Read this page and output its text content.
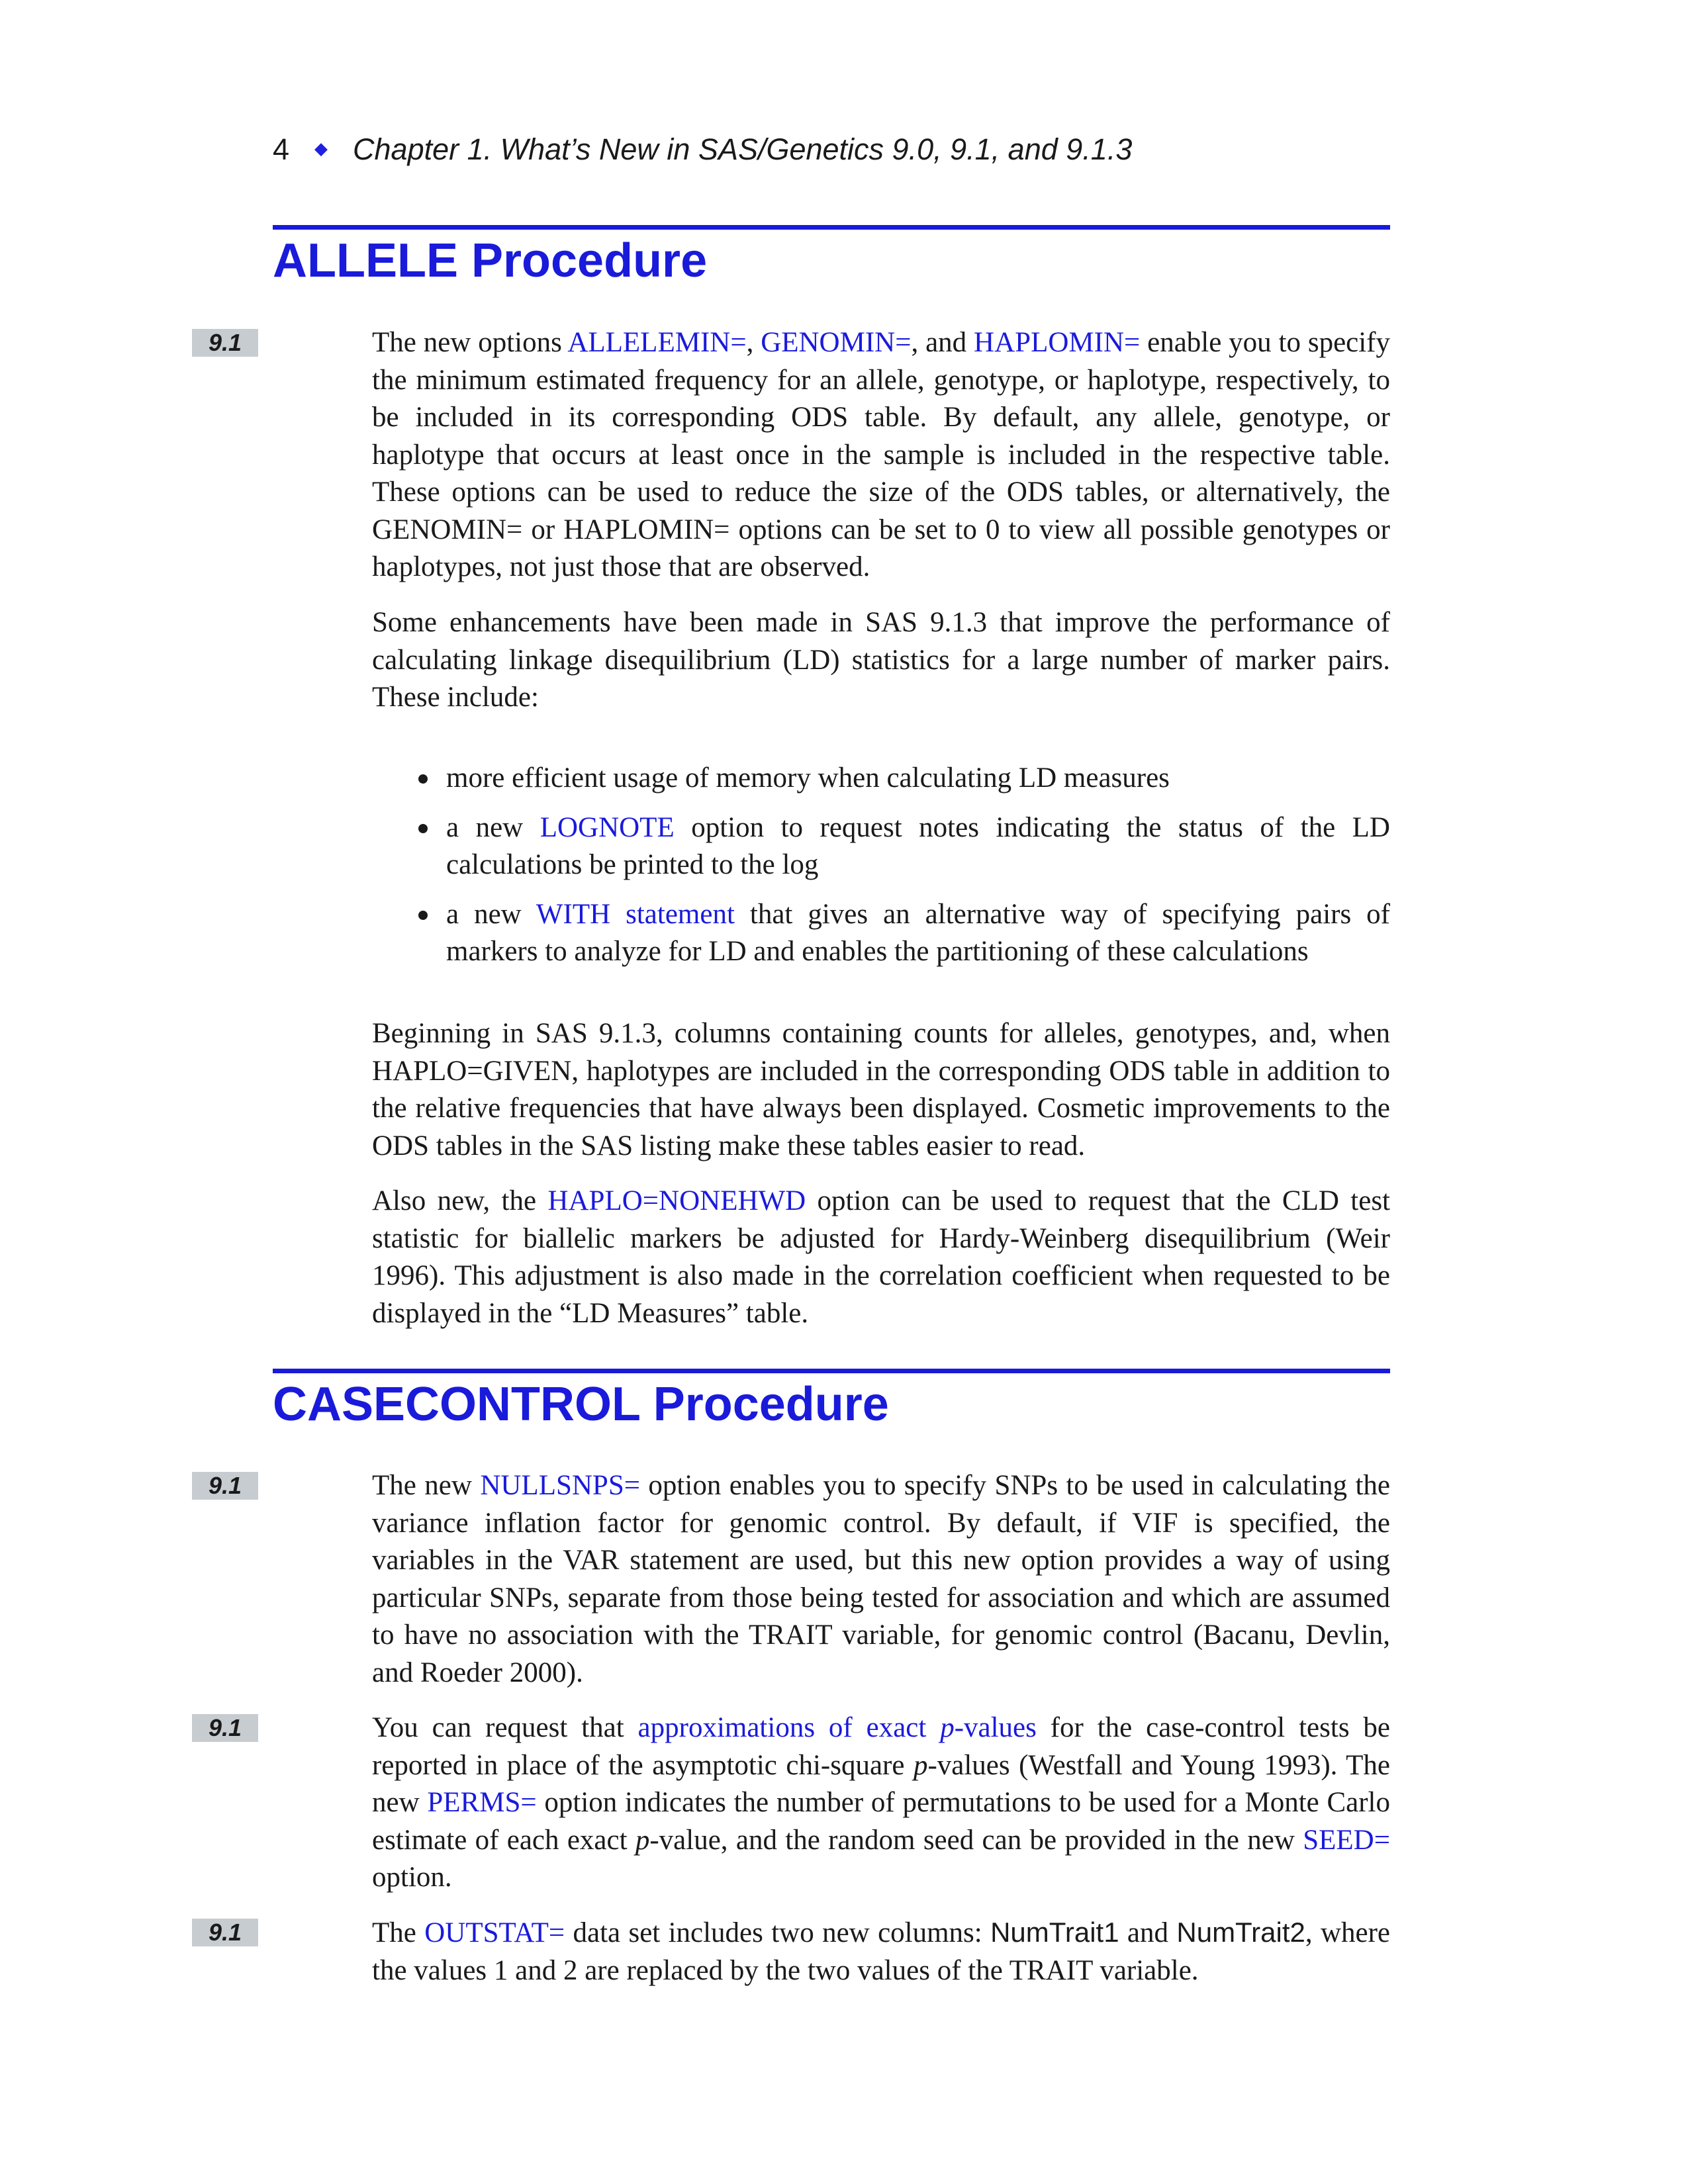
4 ◆ Chapter 1. What’s New in SAS/Genetics 9.0, 9.1, and 9.1.3
ALLELE Procedure
9.1	The new options ALLELEMIN=, GENOMIN=, and HAPLOMIN= enable you to specify the minimum estimated frequency for an allele, genotype, or haplotype, respectively, to be included in its corresponding ODS table. By default, any allele, genotype, or haplotype that occurs at least once in the sample is included in the respective table. These options can be used to reduce the size of the ODS tables, or alternatively, the GENOMIN= or HAPLOMIN= options can be set to 0 to view all possible genotypes or haplotypes, not just those that are observed.

Some enhancements have been made in SAS 9.1.3 that improve the performance of calculating linkage disequilibrium (LD) statistics for a large number of marker pairs. These include:

more efficient usage of memory when calculating LD measures
a new LOGNOTE option to request notes indicating the status of the LD calculations be printed to the log
a new WITH statement that gives an alternative way of specifying pairs of markers to analyze for LD and enables the partitioning of these calculations

Beginning in SAS 9.1.3, columns containing counts for alleles, genotypes, and, when HAPLO=GIVEN, haplotypes are included in the corresponding ODS table in addition to the relative frequencies that have always been displayed. Cosmetic improvements to the ODS tables in the SAS listing make these tables easier to read.

Also new, the HAPLO=NONEHWD option can be used to request that the CLD test statistic for biallelic markers be adjusted for Hardy-Weinberg disequilibrium (Weir 1996). This adjustment is also made in the correlation coefficient when requested to be displayed in the “LD Measures” table.

CASECONTROL Procedure
9.1	The new NULLSNPS= option enables you to specify SNPs to be used in calculating the variance inflation factor for genomic control. By default, if VIF is specified, the variables in the VAR statement are used, but this new option provides a way of using particular SNPs, separate from those being tested for association and which are assumed to have no association with the TRAIT variable, for genomic control (Bacanu, Devlin, and Roeder 2000).

9.1	You can request that approximations of exact p-values for the case-control tests be reported in place of the asymptotic chi-square p-values (Westfall and Young 1993). The new PERMS= option indicates the number of permutations to be used for a Monte Carlo estimate of each exact p-value, and the random seed can be provided in the new SEED= option.

9.1	The OUTSTAT= data set includes two new columns: NumTrait1 and NumTrait2, where the values 1 and 2 are replaced by the two values of the TRAIT variable.
